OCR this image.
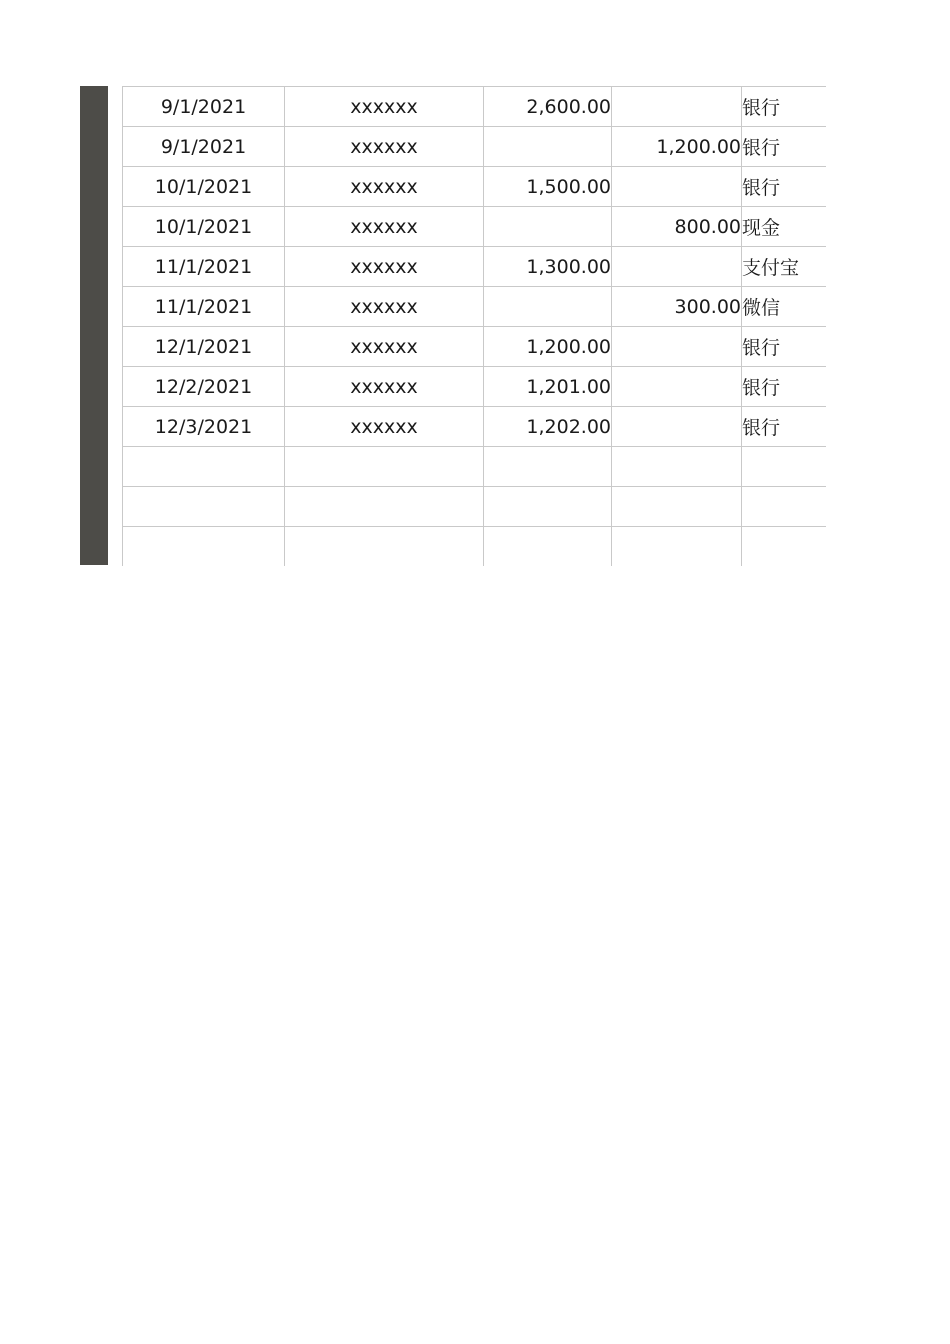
9/1/2021	xxxxxx	2,600.00		银行
9/1/2021	xxxxxx		1,200.00	银行
10/1/2021	xxxxxx	1,500.00		银行
10/1/2021	xxxxxx		800.00	现金
11/1/2021	xxxxxx	1,300.00		支付宝
11/1/2021	xxxxxx		300.00	微信
12/1/2021	xxxxxx	1,200.00		银行
12/2/2021	xxxxxx	1,201.00		银行
12/3/2021	xxxxxx	1,202.00		银行
